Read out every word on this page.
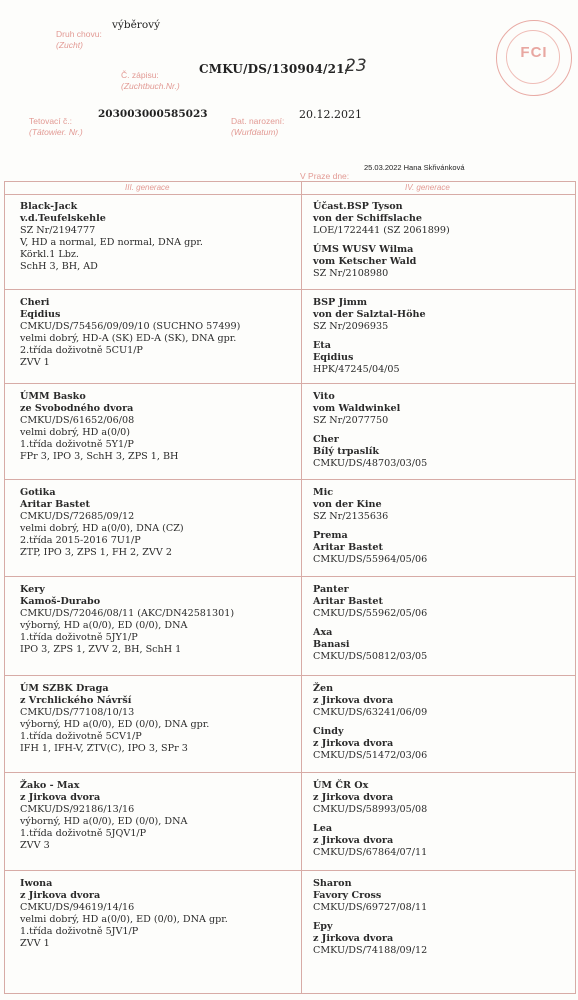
Druh chovu:
(Zucht)
výběrový
Č. zápisu:
(Zuchtbuch.Nr.)
CMKU/DS/130904/21/
23
Tetovací č.:
(Tätowier. Nr.)
203003000585023
Dat. narození:
(Wurfdatum)
20.12.2021
25.03.2022 Hana Skřivánková
V Praze dne:
FCI
III. generace	IV. generace
Black-Jack
v.d.Teufelskehle
SZ Nr/2194777
V, HD a normal, ED normal, DNA gpr.
Körkl.1 Lbz.
SchH 3, BH, AD
Účast.BSP Tyson
von der Schiffslache
LOE/1722441 (SZ 2061899)
ÚMS WUSV Wilma
vom Ketscher Wald
SZ Nr/2108980
Cheri
Eqidius
CMKU/DS/75456/09/09/10 (SUCHNO 57499)
velmi dobrý, HD-A (SK) ED-A (SK), DNA gpr.
2.třída doživotně 5CU1/P
ZVV 1
BSP Jimm
von der Salztal-Höhe
SZ Nr/2096935
Eta
Eqidius
HPK/47245/04/05
ÚMM Basko
ze Svobodného dvora
CMKU/DS/61652/06/08
velmi dobrý, HD a(0/0)
1.třída doživotně 5Y1/P
FPr 3, IPO 3, SchH 3, ZPS 1, BH
Vito
vom Waldwinkel
SZ Nr/2077750
Cher
Bílý trpaslík
CMKU/DS/48703/03/05
Gotika
Aritar Bastet
CMKU/DS/72685/09/12
velmi dobrý, HD a(0/0), DNA (CZ)
2.třída 2015-2016 7U1/P
ZTP, IPO 3, ZPS 1, FH 2, ZVV 2
Mic
von der Kine
SZ Nr/2135636
Prema
Aritar Bastet
CMKU/DS/55964/05/06
Kery
Kamoš-Durabo
CMKU/DS/72046/08/11 (AKC/DN42581301)
výborný, HD a(0/0), ED (0/0), DNA
1.třída doživotně 5JY1/P
IPO 3, ZPS 1, ZVV 2, BH, SchH 1
Panter
Aritar Bastet
CMKU/DS/55962/05/06
Axa
Banasi
CMKU/DS/50812/03/05
ÚM SZBK Draga
z Vrchlického Návrší
CMKU/DS/77108/10/13
výborný, HD a(0/0), ED (0/0), DNA gpr.
1.třída doživotně 5CV1/P
IFH 1, IFH-V, ZTV(C), IPO 3, SPr 3
Žen
z Jirkova dvora
CMKU/DS/63241/06/09
Cindy
z Jirkova dvora
CMKU/DS/51472/03/06
Žako - Max
z Jirkova dvora
CMKU/DS/92186/13/16
výborný, HD a(0/0), ED (0/0), DNA
1.třída doživotně 5JQV1/P
ZVV 3
ÚM ČR Ox
z Jirkova dvora
CMKU/DS/58993/05/08
Lea
z Jirkova dvora
CMKU/DS/67864/07/11
Iwona
z Jirkova dvora
CMKU/DS/94619/14/16
velmi dobrý, HD a(0/0), ED (0/0), DNA gpr.
1.třída doživotně 5JV1/P
ZVV 1
Sharon
Favory Cross
CMKU/DS/69727/08/11
Epy
z Jirkova dvora
CMKU/DS/74188/09/12
